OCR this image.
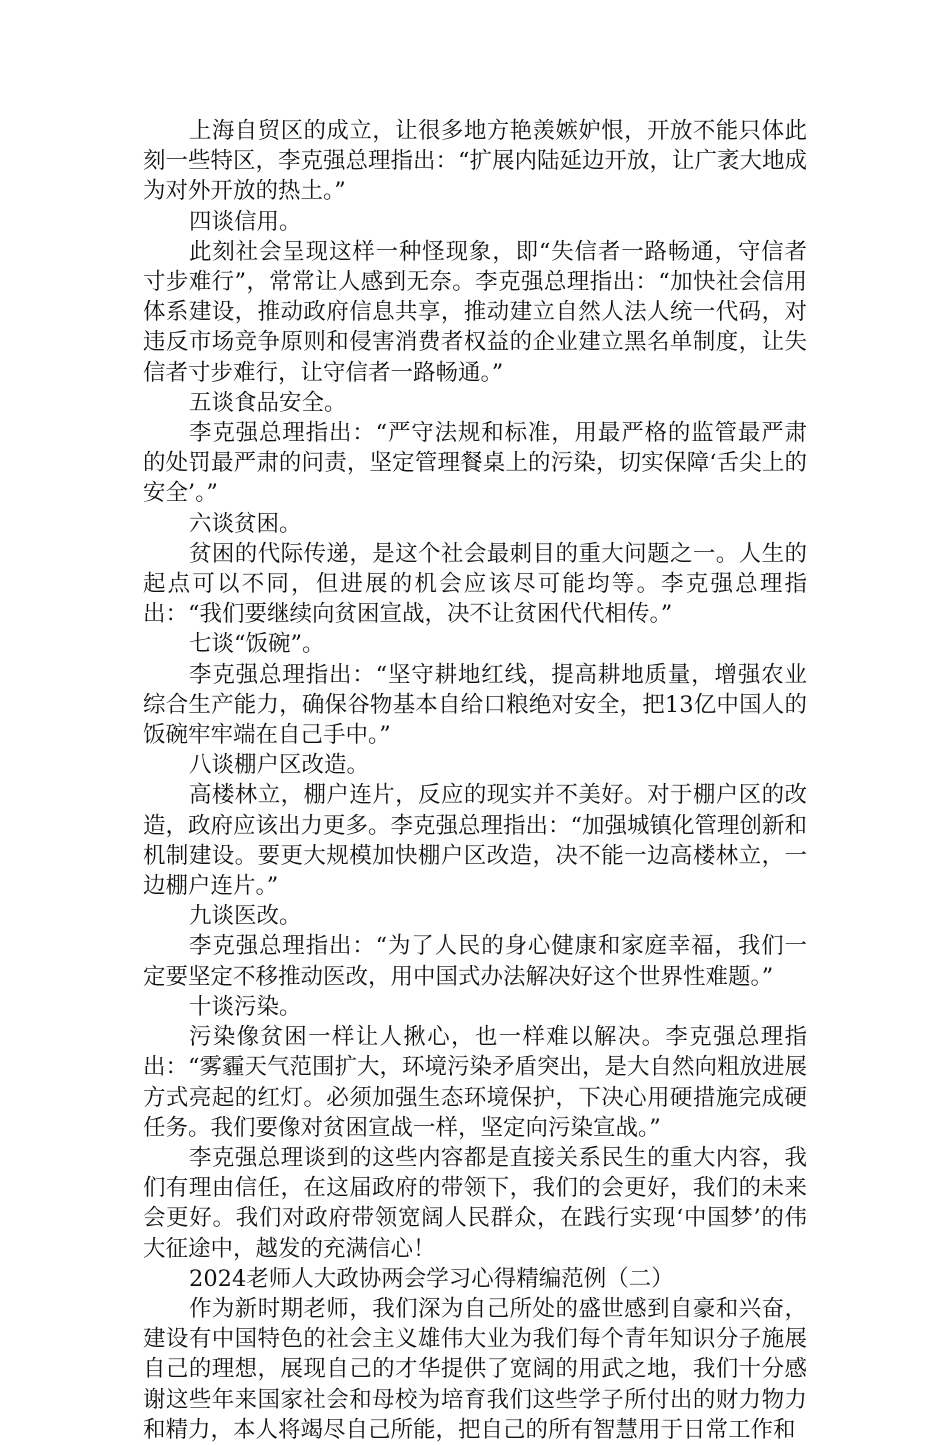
上海自贸区的成立，让很多地方艳羡嫉妒恨，开放不能只体此刻一些特区，李克强总理指出：“扩展内陆延边开放，让广袤大地成为对外开放的热土。”

四谈信用。

此刻社会呈现这样一种怪现象，即“失信者一路畅通，守信者寸步难行”，常常让人感到无奈。李克强总理指出：“加快社会信用体系建设，推动政府信息共享，推动建立自然人法人统一代码，对违反市场竞争原则和侵害消费者权益的企业建立黑名单制度，让失信者寸步难行，让守信者一路畅通。”

五谈食品安全。

李克强总理指出：“严守法规和标准，用最严格的监管最严肃的处罚最严肃的问责，坚定管理餐桌上的污染，切实保障‘舌尖上的安全’。”

六谈贫困。

贫困的代际传递，是这个社会最刺目的重大问题之一。人生的起点可以不同，但进展的机会应该尽可能均等。李克强总理指出：“我们要继续向贫困宣战，决不让贫困代代相传。”

七谈“饭碗”。

李克强总理指出：“坚守耕地红线，提高耕地质量，增强农业综合生产能力，确保谷物基本自给口粮绝对安全，把13亿中国人的饭碗牢牢端在自己手中。”

八谈棚户区改造。

高楼林立，棚户连片，反应的现实并不美好。对于棚户区的改造，政府应该出力更多。李克强总理指出：“加强城镇化管理创新和机制建设。要更大规模加快棚户区改造，决不能一边高楼林立，一边棚户连片。”

九谈医改。

李克强总理指出：“为了人民的身心健康和家庭幸福，我们一定要坚定不移推动医改，用中国式办法解决好这个世界性难题。”

十谈污染。

污染像贫困一样让人揪心，也一样难以解决。李克强总理指出：“雾霾天气范围扩大，环境污染矛盾突出，是大自然向粗放进展方式亮起的红灯。必须加强生态环境保护，下决心用硬措施完成硬任务。我们要像对贫困宣战一样，坚定向污染宣战。”

李克强总理谈到的这些内容都是直接关系民生的重大内容，我们有理由信任，在这届政府的带领下，我们的会更好，我们的未来会更好。我们对政府带领宽阔人民群众，在践行实现‘中国梦’的伟大征途中，越发的充满信心！

2024老师人大政协两会学习心得精编范例（二）

作为新时期老师，我们深为自己所处的盛世感到自豪和兴奋，建设有中国特色的社会主义雄伟大业为我们每个青年知识分子施展自己的理想，展现自己的才华提供了宽阔的用武之地，我们十分感谢这些年来国家社会和母校为培育我们这些学子所付出的财力物力和精力，本人将竭尽自己所能，把自己的所有智慧用于日常工作和
